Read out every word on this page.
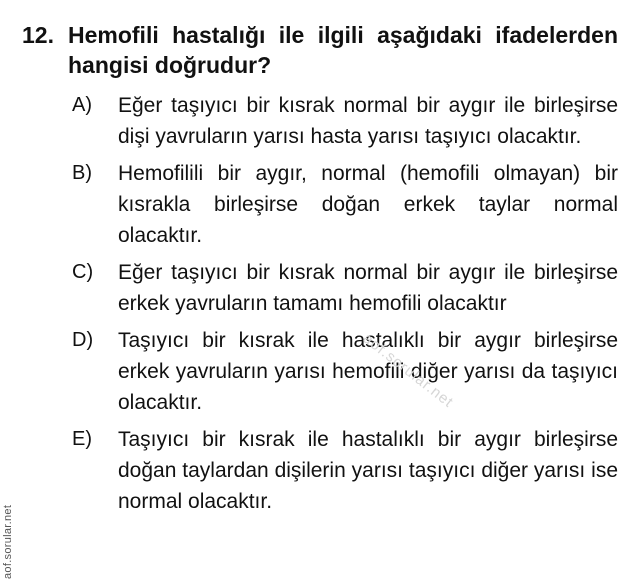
12. Hemofili hastalığı ile ilgili aşağıdaki ifadelerden hangisi doğrudur?
A)	Eğer taşıyıcı bir kısrak normal bir aygır ile birleşirse dişi yavruların yarısı hasta yarısı taşıyıcı olacaktır.
B)	Hemofilili bir aygır, normal (hemofili olmayan) bir kısrakla birleşirse doğan erkek taylar normal olacaktır.
C)	Eğer taşıyıcı bir kısrak normal bir aygır ile birleşirse erkek yavruların tamamı hemofili olacaktır
D)	Taşıyıcı bir kısrak ile hastalıklı bir aygır birleşirse erkek yavruların yarısı hemofili diğer yarısı da taşıyıcı olacaktır.
E)	Taşıyıcı bir kısrak ile hastalıklı bir aygır birleşirse doğan taylardan dişilerin yarısı taşıyıcı diğer yarısı ise normal olacaktır.
aof.sorular.net
aof.sorular.net
